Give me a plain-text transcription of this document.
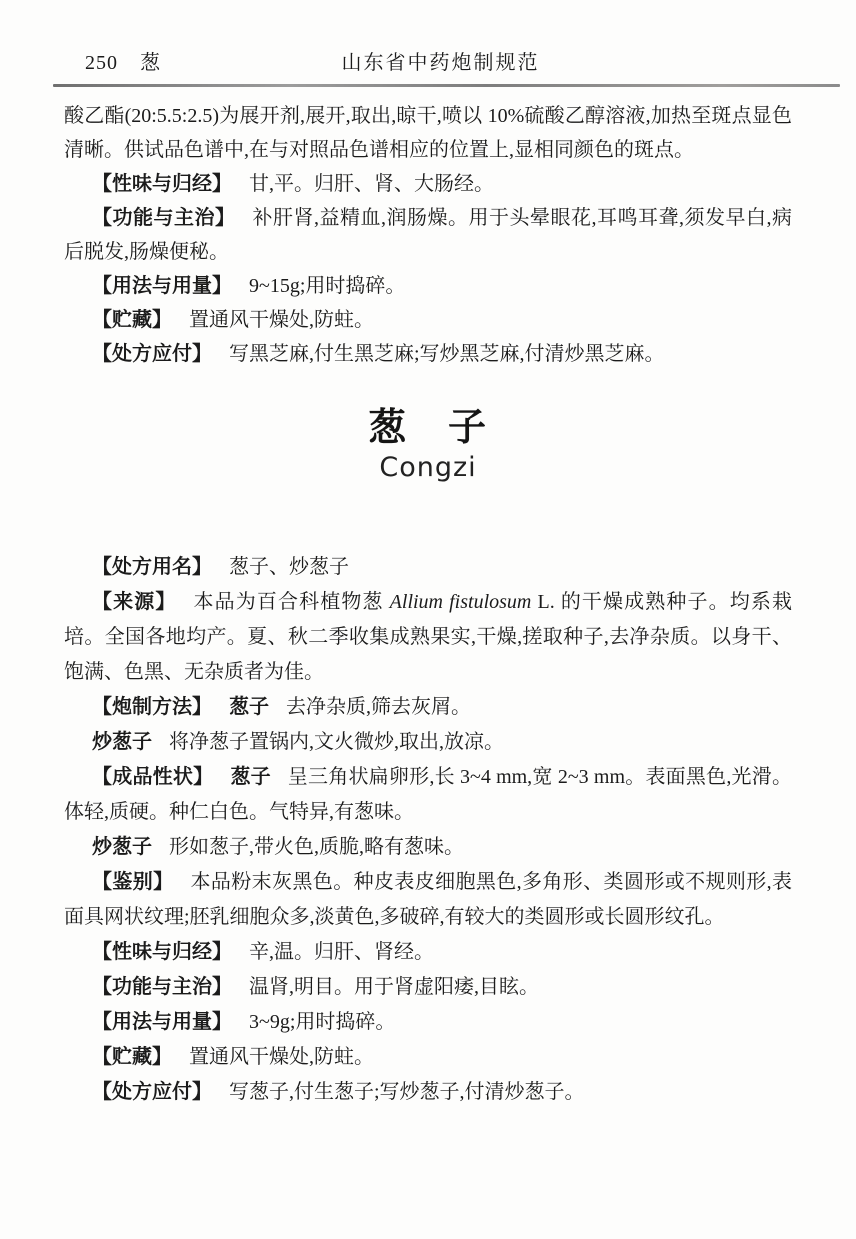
250 葱	山东省中药炮制规范

酸乙酯(20:5.5:2.5)为展开剂,展开,取出,晾干,喷以 10%硫酸乙醇溶液,加热至斑点显色清晰。供试品色谱中,在与对照品色谱相应的位置上,显相同颜色的斑点。

【性味与归经】 甘,平。归肝、肾、大肠经。

【功能与主治】 补肝肾,益精血,润肠燥。用于头晕眼花,耳鸣耳聋,须发早白,病后脱发,肠燥便秘。

【用法与用量】 9~15g;用时捣碎。

【贮藏】 置通风干燥处,防蛀。

【处方应付】 写黑芝麻,付生黑芝麻;写炒黑芝麻,付清炒黑芝麻。

葱　子
Congzi

【处方用名】 葱子、炒葱子

【来源】 本品为百合科植物葱 Allium fistulosum L. 的干燥成熟种子。均系栽培。全国各地均产。夏、秋二季收集成熟果实,干燥,搓取种子,去净杂质。以身干、饱满、色黑、无杂质者为佳。

【炮制方法】 葱子 去净杂质,筛去灰屑。

炒葱子 将净葱子置锅内,文火微炒,取出,放凉。

【成品性状】 葱子 呈三角状扁卵形,长 3~4 mm,宽 2~3 mm。表面黑色,光滑。体轻,质硬。种仁白色。气特异,有葱味。

炒葱子 形如葱子,带火色,质脆,略有葱味。

【鉴别】 本品粉末灰黑色。种皮表皮细胞黑色,多角形、类圆形或不规则形,表面具网状纹理;胚乳细胞众多,淡黄色,多破碎,有较大的类圆形或长圆形纹孔。

【性味与归经】 辛,温。归肝、肾经。

【功能与主治】 温肾,明目。用于肾虚阳痿,目眩。

【用法与用量】 3~9g;用时捣碎。

【贮藏】 置通风干燥处,防蛀。

【处方应付】 写葱子,付生葱子;写炒葱子,付清炒葱子。
